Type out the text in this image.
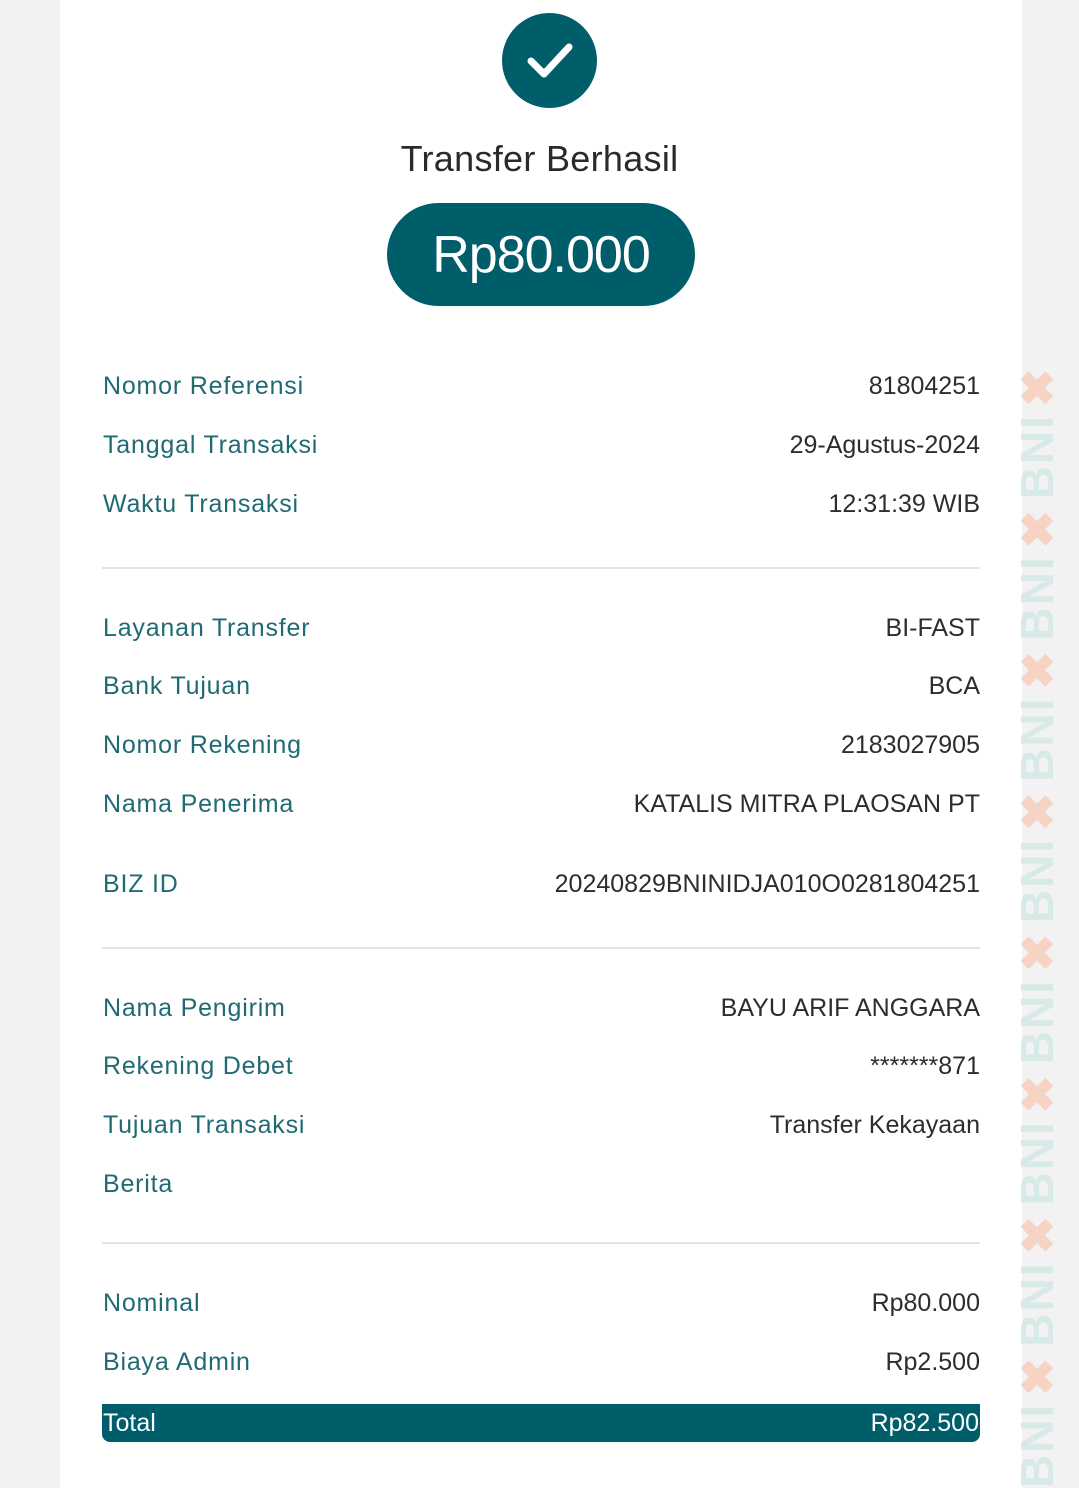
BNI✖BNI✖BNI✖BNI✖BNI✖BNI✖BNI✖BNI✖
Transfer Berhasil
Rp80.000
Nomor Referensi	81804251
Tanggal Transaksi	29-Agustus-2024
Waktu Transaksi	12:31:39 WIB
Layanan Transfer	BI-FAST
Bank Tujuan	BCA
Nomor Rekening	2183027905
Nama Penerima	KATALIS MITRA PLAOSAN PT
BIZ ID	20240829BNINIDJA010O0281804251
Nama Pengirim	BAYU ARIF ANGGARA
Rekening Debet	*******871
Tujuan Transaksi	Transfer Kekayaan
Berita
Nominal	Rp80.000
Biaya Admin	Rp2.500
Total	Rp82.500
